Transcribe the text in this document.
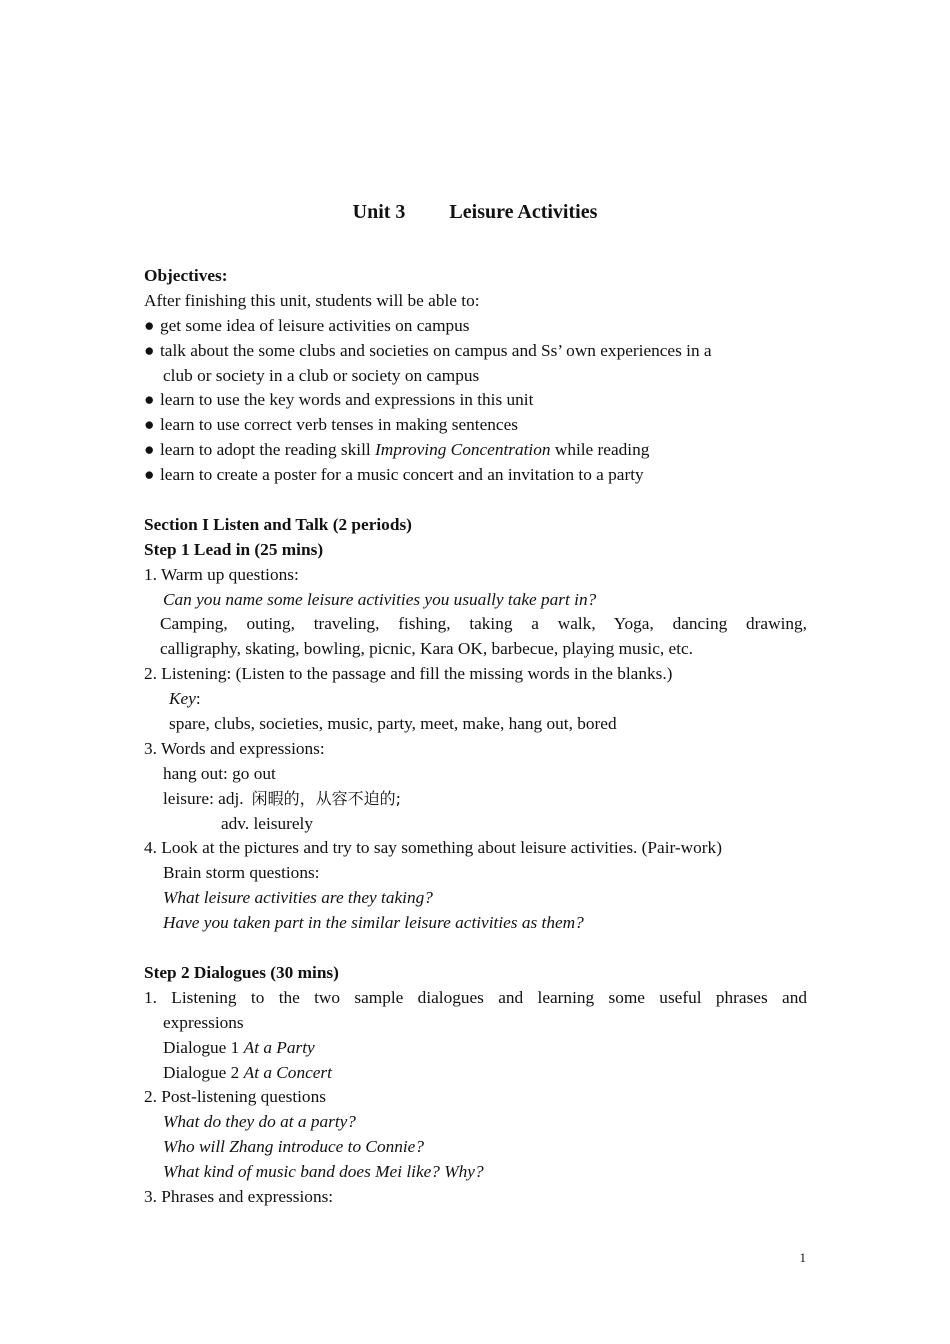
Unit 3 Leisure Activities
Objectives:
After finishing this unit, students will be able to:
● get some idea of leisure activities on campus
● talk about the some clubs and societies on campus and Ss’ own experiences in a
club or society in a club or society on campus
● learn to use the key words and expressions in this unit
● learn to use correct verb tenses in making sentences
● learn to adopt the reading skill Improving Concentration while reading
● learn to create a poster for a music concert and an invitation to a party
Section I Listen and Talk (2 periods)
Step 1 Lead in (25 mins)
1. Warm up questions:
Can you name some leisure activities you usually take part in?
Camping, outing, traveling, fishing, taking a walk, Yoga, dancing drawing,
calligraphy, skating, bowling, picnic, Kara OK, barbecue, playing music, etc.
2. Listening: (Listen to the passage and fill the missing words in the blanks.)
Key:
spare, clubs, societies, music, party, meet, make, hang out, bored
3. Words and expressions:
hang out: go out
leisure: adj. 闲暇的，从容不迫的;
adv. leisurely
4. Look at the pictures and try to say something about leisure activities. (Pair-work)
Brain storm questions:
What leisure activities are they taking?
Have you taken part in the similar leisure activities as them?
Step 2 Dialogues (30 mins)
1. Listening to the two sample dialogues and learning some useful phrases and
expressions
Dialogue 1 At a Party
Dialogue 2 At a Concert
2. Post-listening questions
What do they do at a party?
Who will Zhang introduce to Connie?
What kind of music band does Mei like? Why?
3. Phrases and expressions:
1
